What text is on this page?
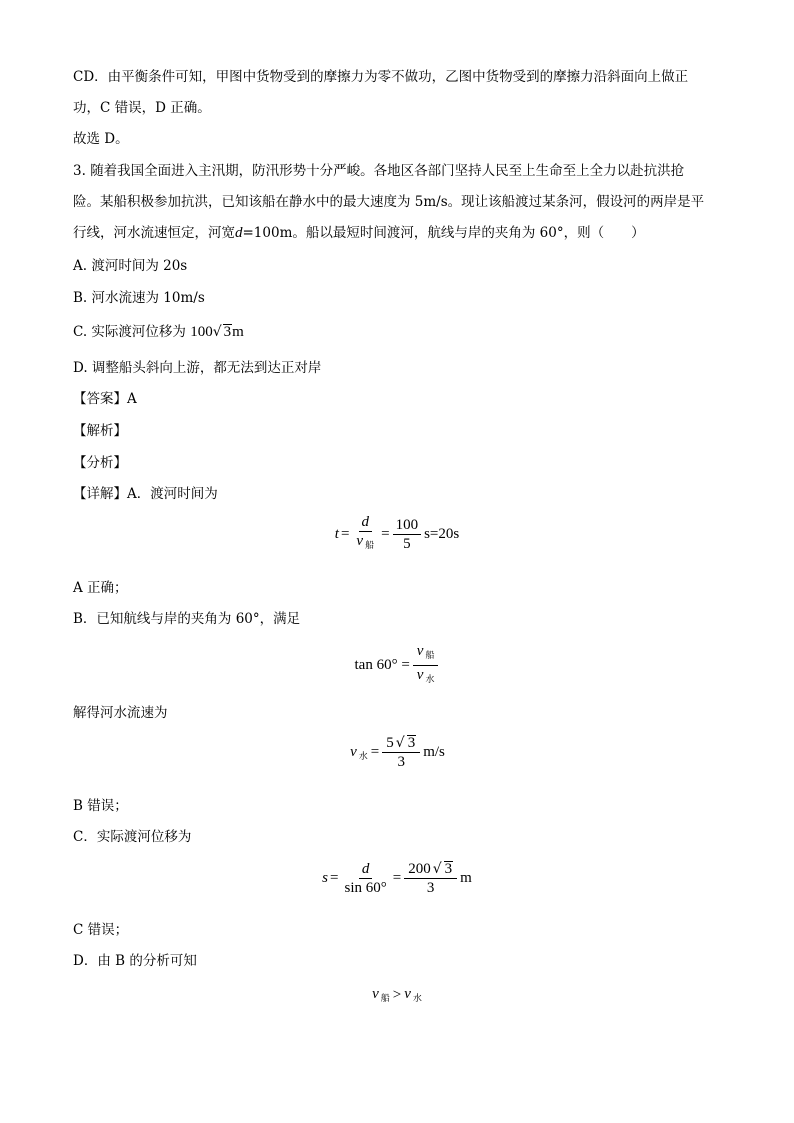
CD．由平衡条件可知，甲图中货物受到的摩擦力为零不做功，乙图中货物受到的摩擦力沿斜面向上做正
功，C 错误，D 正确。
故选 D。
3. 随着我国全面进入主汛期，防汛形势十分严峻。各地区各部门坚持人民至上生命至上全力以赴抗洪抢
险。某船积极参加抗洪，已知该船在静水中的最大速度为 5m/s。现让该船渡过某条河，假设河的两岸是平
行线，河水流速恒定，河宽d=100m。船以最短时间渡河，航线与岸的夹角为 60°，则（　　）
A. 渡河时间为 20s
B. 河水流速为 10m/s
C. 实际渡河位移为 100√ 3m
D. 调整船头斜向上游，都无法到达正对岸
【答案】A
【解析】
【分析】
【详解】A．渡河时间为
$t = \frac{d}{v _船} = \frac{100}{5} s=20s$
A 正确；
B．已知航线与岸的夹角为 60°，满足
$\tan 60^\circ = \frac{v _船}{v _水}$
解得河水流速为
v $_水 = \frac{5 √ 3}{3} m/s$
B 错误；
C．实际渡河位移为
$s = \frac{d}{\sin 60^\circ} = \frac{200 √ 3}{3}$ m
C 错误；
D．由 B 的分析可知
v $_船$ > v $_水$
